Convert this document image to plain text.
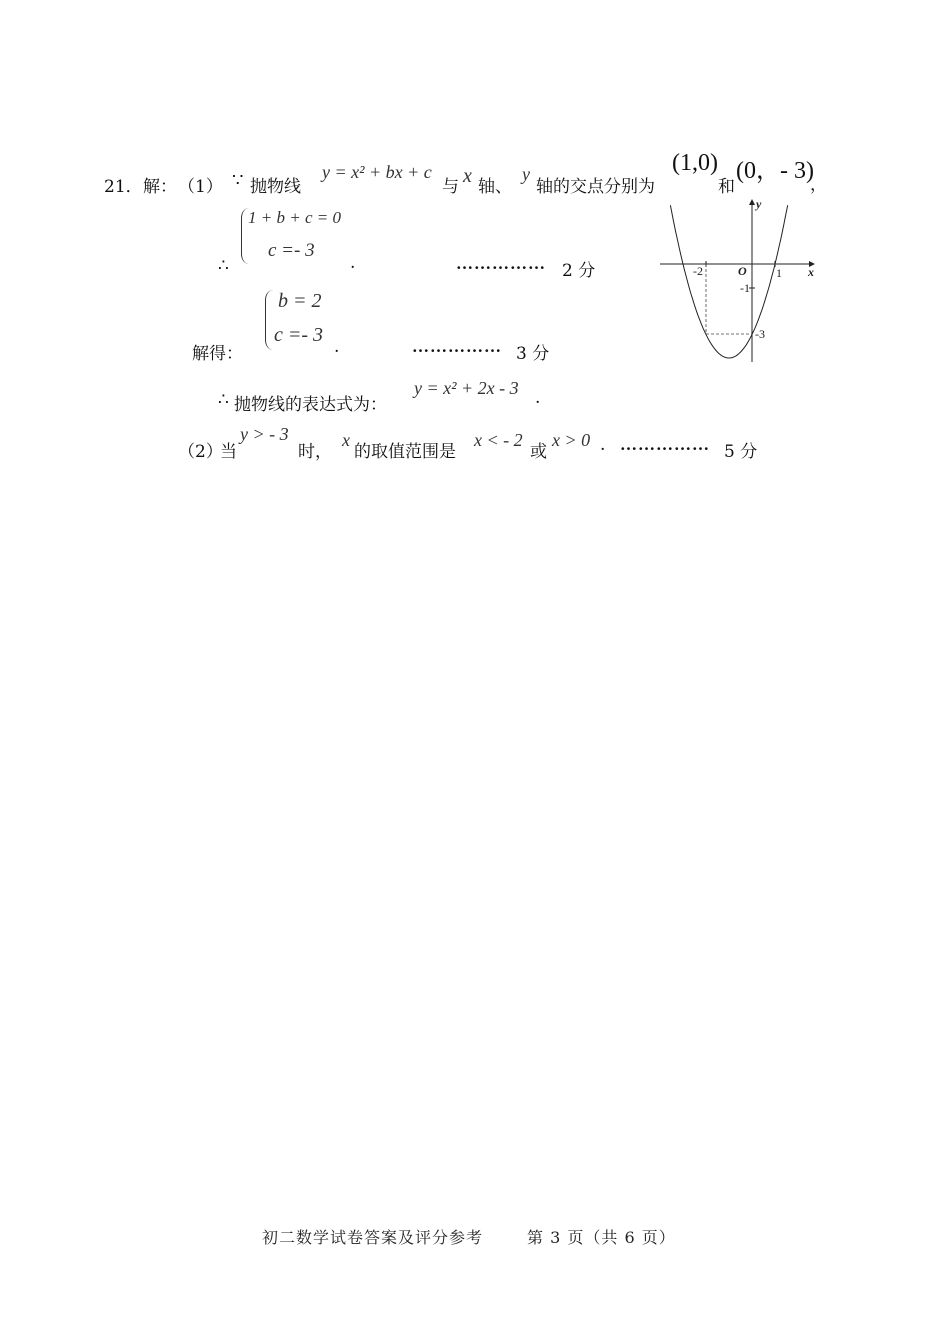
21． 解： （1） ∵ 抛物线
y = x² + bx + c
与 x 轴、
y
轴的交点分别为
(1,0)
和
(0，- 3)
，
1 + b + c = 0
c =- 3
∴	.	…………… 2 分
b = 2
c =- 3
解得：	.	…………… 3 分
∴ 抛物线的表达式为：
y = x² + 2x - 3 .
（2）
当
y > - 3
时，
x
的取值范围是
x < - 2
或
x > 0 . …………… 5 分
y
x
O
-2	1
-1
-3
初二数学试卷答案及评分参考	第 3 页（共 6 页）
